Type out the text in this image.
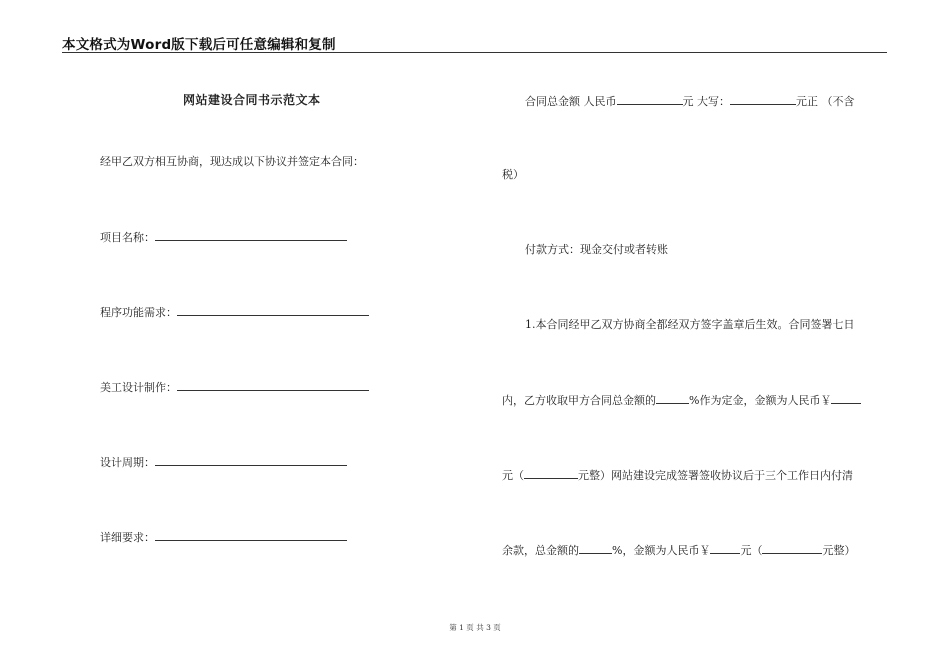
本文格式为Word版下载后可任意编辑和复制
网站建设合同书示范文本
经甲乙双方相互协商，现达成以下协议并签定本合同：
项目名称：
程序功能需求：
美工设计制作：
设计周期：
详细要求：
合同总金额 人民币	元 大写：	元正 （不含
税）
付款方式：现金交付或者转账
1.本合同经甲乙双方协商全都经双方签字盖章后生效。合同签署七日
内，乙方收取甲方合同总金额的	%作为定金，金额为人民币￥
元（	元整）网站建设完成签署签收协议后于三个工作日内付清
余款，总金额的	%，金额为人民币￥	元（	元整）
第 1 页 共 3 页
